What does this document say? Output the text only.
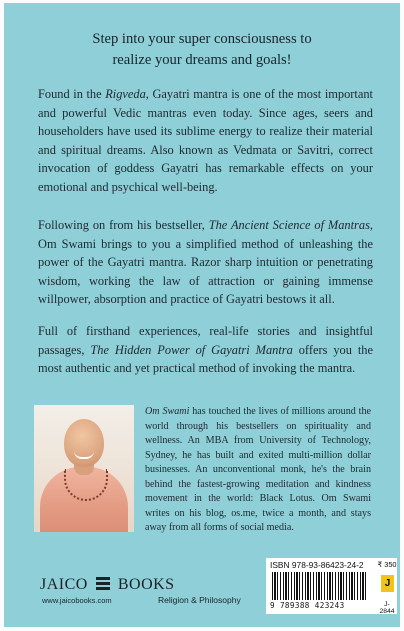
Step into your super consciousness to
realize your dreams and goals!

Found in the Rigveda, Gayatri mantra is one of the most important and powerful Vedic mantras even today. Since ages, seers and householders have used its sublime energy to realize their material and spiritual dreams. Also known as Vedmata or Savitri, correct invocation of goddess Gayatri has remarkable effects on your emotional and psychical well-being.

Following on from his bestseller, The Ancient Science of Mantras, Om Swami brings to you a simplified method of unleashing the power of the Gayatri mantra. Razor sharp intuition or penetrating wisdom, working the law of attraction or gaining immense willpower, absorption and practice of Gayatri bestows it all.

Full of firsthand experiences, real-life stories and insightful passages, The Hidden Power of Gayatri Mantra offers you the most authentic and yet practical method of invoking the mantra.

Om Swami has touched the lives of millions around the world through his bestsellers on spirituality and wellness. An MBA from University of Technology, Sydney, he has built and exited multi-million dollar businesses. An unconventional monk, he's the brain behind the fastest-growing meditation and kindness movement in the world: Black Lotus. Om Swami writes on his blog, os.me, twice a month, and stays away from all forms of social media.

JAICO BOOKS
www.jaicobooks.com	Religion & Philosophy
ISBN 978-93-86423-24-2
9 789388 423243
₹ 350
J
J-2844
